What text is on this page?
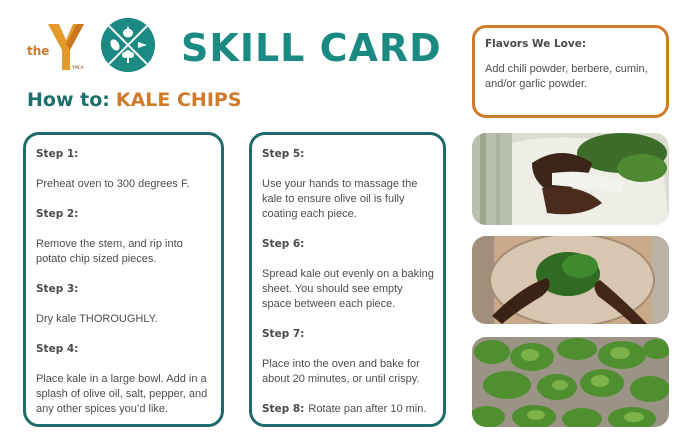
the
YMCA	SKILL CARD
How to: KALE CHIPS
Step 1:
Preheat oven to 300 degrees F.
Step 2:
Remove the stem, and rip into potato chip sized pieces.
Step 3:
Dry kale THOROUGHLY.
Step 4:
Place kale in a large bowl. Add in a splash of olive oil, salt, pepper, and any other spices you’d like.
Step 5:
Use your hands to massage the kale to ensure olive oil is fully coating each piece.
Step 6:
Spread kale out evenly on a baking sheet. You should see empty space between each piece.
Step 7:
Place into the oven and bake for about 20 minutes, or until crispy.
Step 8: Rotate pan after 10 min.
Flavors We Love:
Add chili powder, berbere, cumin, and/or garlic powder.
